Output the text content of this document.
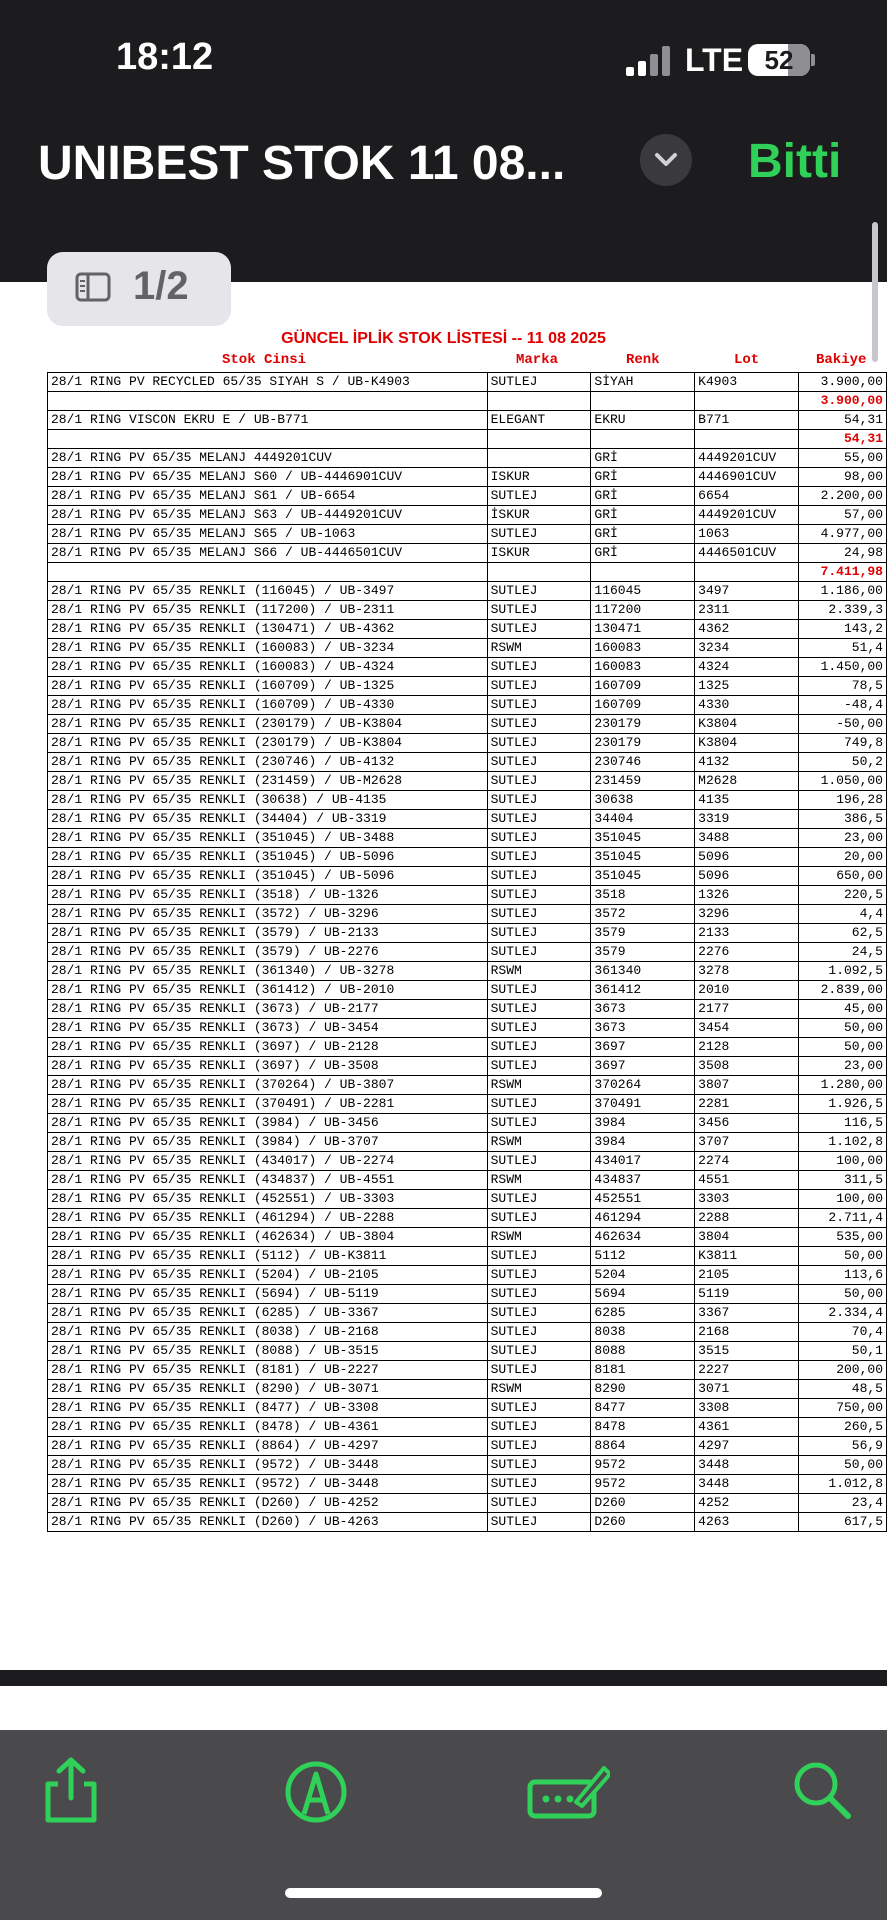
18:12	LTE 52
UNIBEST STOK 11 08...	Bitti
GÜNCEL İPLİK STOK LİSTESİ -- 11 08 2025
Stok Cinsi	Marka	Renk	Lot	Bakiye
28/1 RING PV RECYCLED 65/35 SIYAH S / UB-K4903	SUTLEJ	SİYAH	K4903	3.900,00
				3.900,00
28/1 RING VISCON EKRU E / UB-B771	ELEGANT	EKRU	B771	54,31
				54,31
28/1 RING PV 65/35 MELANJ 4449201CUV		GRİ	4449201CUV	55,00
28/1 RING PV 65/35 MELANJ S60 / UB-4446901CUV	ISKUR	GRİ	4446901CUV	98,00
28/1 RING PV 65/35 MELANJ S61 / UB-6654	SUTLEJ	GRİ	6654	2.200,00
28/1 RING PV 65/35 MELANJ S63 / UB-4449201CUV	İSKUR	GRİ	4449201CUV	57,00
28/1 RING PV 65/35 MELANJ S65 / UB-1063	SUTLEJ	GRİ	1063	4.977,00
28/1 RING PV 65/35 MELANJ S66 / UB-4446501CUV	ISKUR	GRİ	4446501CUV	24,98
				7.411,98
28/1 RING PV 65/35 RENKLI (116045) / UB-3497	SUTLEJ	116045	3497	1.186,00
28/1 RING PV 65/35 RENKLI (117200) / UB-2311	SUTLEJ	117200	2311	2.339,3
28/1 RING PV 65/35 RENKLI (130471) / UB-4362	SUTLEJ	130471	4362	143,2
28/1 RING PV 65/35 RENKLI (160083) / UB-3234	RSWM	160083	3234	51,4
28/1 RING PV 65/35 RENKLI (160083) / UB-4324	SUTLEJ	160083	4324	1.450,00
28/1 RING PV 65/35 RENKLI (160709) / UB-1325	SUTLEJ	160709	1325	78,5
28/1 RING PV 65/35 RENKLI (160709) / UB-4330	SUTLEJ	160709	4330	-48,4
28/1 RING PV 65/35 RENKLI (230179) / UB-K3804	SUTLEJ	230179	K3804	-50,00
28/1 RING PV 65/35 RENKLI (230179) / UB-K3804	SUTLEJ	230179	K3804	749,8
28/1 RING PV 65/35 RENKLI (230746) / UB-4132	SUTLEJ	230746	4132	50,2
28/1 RING PV 65/35 RENKLI (231459) / UB-M2628	SUTLEJ	231459	M2628	1.050,00
28/1 RING PV 65/35 RENKLI (30638) / UB-4135	SUTLEJ	30638	4135	196,28
28/1 RING PV 65/35 RENKLI (34404) / UB-3319	SUTLEJ	34404	3319	386,5
28/1 RING PV 65/35 RENKLI (351045) / UB-3488	SUTLEJ	351045	3488	23,00
28/1 RING PV 65/35 RENKLI (351045) / UB-5096	SUTLEJ	351045	5096	20,00
28/1 RING PV 65/35 RENKLI (351045) / UB-5096	SUTLEJ	351045	5096	650,00
28/1 RING PV 65/35 RENKLI (3518) / UB-1326	SUTLEJ	3518	1326	220,5
28/1 RING PV 65/35 RENKLI (3572) / UB-3296	SUTLEJ	3572	3296	4,4
28/1 RING PV 65/35 RENKLI (3579) / UB-2133	SUTLEJ	3579	2133	62,5
28/1 RING PV 65/35 RENKLI (3579) / UB-2276	SUTLEJ	3579	2276	24,5
28/1 RING PV 65/35 RENKLI (361340) / UB-3278	RSWM	361340	3278	1.092,5
28/1 RING PV 65/35 RENKLI (361412) / UB-2010	SUTLEJ	361412	2010	2.839,00
28/1 RING PV 65/35 RENKLI (3673) / UB-2177	SUTLEJ	3673	2177	45,00
28/1 RING PV 65/35 RENKLI (3673) / UB-3454	SUTLEJ	3673	3454	50,00
28/1 RING PV 65/35 RENKLI (3697) / UB-2128	SUTLEJ	3697	2128	50,00
28/1 RING PV 65/35 RENKLI (3697) / UB-3508	SUTLEJ	3697	3508	23,00
28/1 RING PV 65/35 RENKLI (370264) / UB-3807	RSWM	370264	3807	1.280,00
28/1 RING PV 65/35 RENKLI (370491) / UB-2281	SUTLEJ	370491	2281	1.926,5
28/1 RING PV 65/35 RENKLI (3984) / UB-3456	SUTLEJ	3984	3456	116,5
28/1 RING PV 65/35 RENKLI (3984) / UB-3707	RSWM	3984	3707	1.102,8
28/1 RING PV 65/35 RENKLI (434017) / UB-2274	SUTLEJ	434017	2274	100,00
28/1 RING PV 65/35 RENKLI (434837) / UB-4551	RSWM	434837	4551	311,5
28/1 RING PV 65/35 RENKLI (452551) / UB-3303	SUTLEJ	452551	3303	100,00
28/1 RING PV 65/35 RENKLI (461294) / UB-2288	SUTLEJ	461294	2288	2.711,4
28/1 RING PV 65/35 RENKLI (462634) / UB-3804	RSWM	462634	3804	535,00
28/1 RING PV 65/35 RENKLI (5112) / UB-K3811	SUTLEJ	5112	K3811	50,00
28/1 RING PV 65/35 RENKLI (5204) / UB-2105	SUTLEJ	5204	2105	113,6
28/1 RING PV 65/35 RENKLI (5694) / UB-5119	SUTLEJ	5694	5119	50,00
28/1 RING PV 65/35 RENKLI (6285) / UB-3367	SUTLEJ	6285	3367	2.334,4
28/1 RING PV 65/35 RENKLI (8038) / UB-2168	SUTLEJ	8038	2168	70,4
28/1 RING PV 65/35 RENKLI (8088) / UB-3515	SUTLEJ	8088	3515	50,1
28/1 RING PV 65/35 RENKLI (8181) / UB-2227	SUTLEJ	8181	2227	200,00
28/1 RING PV 65/35 RENKLI (8290) / UB-3071	RSWM	8290	3071	48,5
28/1 RING PV 65/35 RENKLI (8477) / UB-3308	SUTLEJ	8477	3308	750,00
28/1 RING PV 65/35 RENKLI (8478) / UB-4361	SUTLEJ	8478	4361	260,5
28/1 RING PV 65/35 RENKLI (8864) / UB-4297	SUTLEJ	8864	4297	56,9
28/1 RING PV 65/35 RENKLI (9572) / UB-3448	SUTLEJ	9572	3448	50,00
28/1 RING PV 65/35 RENKLI (9572) / UB-3448	SUTLEJ	9572	3448	1.012,8
28/1 RING PV 65/35 RENKLI (D260) / UB-4252	SUTLEJ	D260	4252	23,4
28/1 RING PV 65/35 RENKLI (D260) / UB-4263	SUTLEJ	D260	4263	617,5
1/2
